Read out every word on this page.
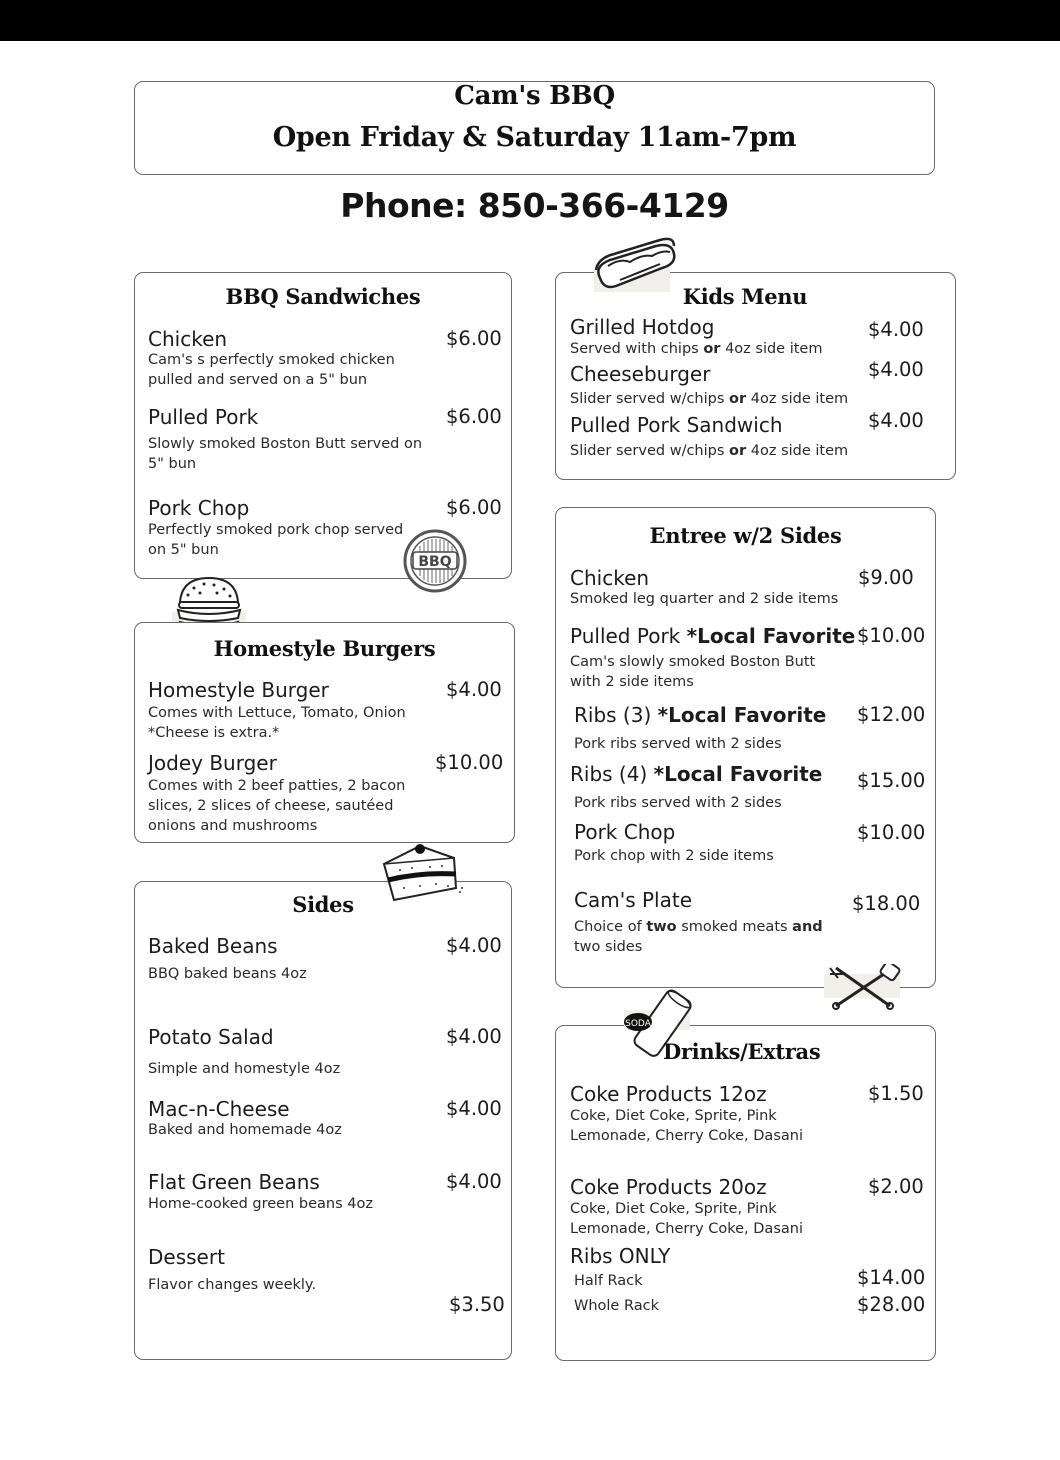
Cam's BBQ
Open Friday & Saturday 11am-7pm
Phone: 850-366-4129
BBQ Sandwiches
Chicken	$6.00
Cam's s perfectly smoked chicken
pulled and served on a 5" bun
Pulled Pork	$6.00
Slowly smoked Boston Butt served on
5" bun
Pork Chop	$6.00
Perfectly smoked pork chop served
on 5" bun
BBQ
Homestyle Burgers
Homestyle Burger	$4.00
Comes with Lettuce, Tomato, Onion
*Cheese is extra.*
Jodey Burger	$10.00
Comes with 2 beef patties, 2 bacon
slices, 2 slices of cheese, sautéed
onions and mushrooms
Sides
Baked Beans	$4.00
BBQ baked beans 4oz
Potato Salad	$4.00
Simple and homestyle 4oz
Mac-n-Cheese	$4.00
Baked and homemade 4oz
Flat Green Beans	$4.00
Home-cooked green beans 4oz
Dessert
Flavor changes weekly.
$3.50
Kids Menu
Grilled Hotdog	$4.00
Served with chips or 4oz side item
Cheeseburger	$4.00
Slider served w/chips or 4oz side item
Pulled Pork Sandwich	$4.00
Slider served w/chips or 4oz side item
Entree w/2 Sides
Chicken	$9.00
Smoked leg quarter and 2 side items
Pulled Pork *Local Favorite $10.00
Cam's slowly smoked Boston Butt
with 2 side items
Ribs (3) *Local Favorite $12.00
Pork ribs served with 2 sides
Ribs (4) *Local Favorite $15.00
Pork ribs served with 2 sides
Pork Chop	$10.00
Pork chop with 2 side items
Cam's Plate	$18.00
Choice of two smoked meats and
two sides
SODA
Drinks/Extras
Coke Products 12oz	$1.50
Coke, Diet Coke, Sprite, Pink
Lemonade, Cherry Coke, Dasani
Coke Products 20oz	$2.00
Coke, Diet Coke, Sprite, Pink
Lemonade, Cherry Coke, Dasani
Ribs ONLY
Half Rack	$14.00
Whole Rack	$28.00
